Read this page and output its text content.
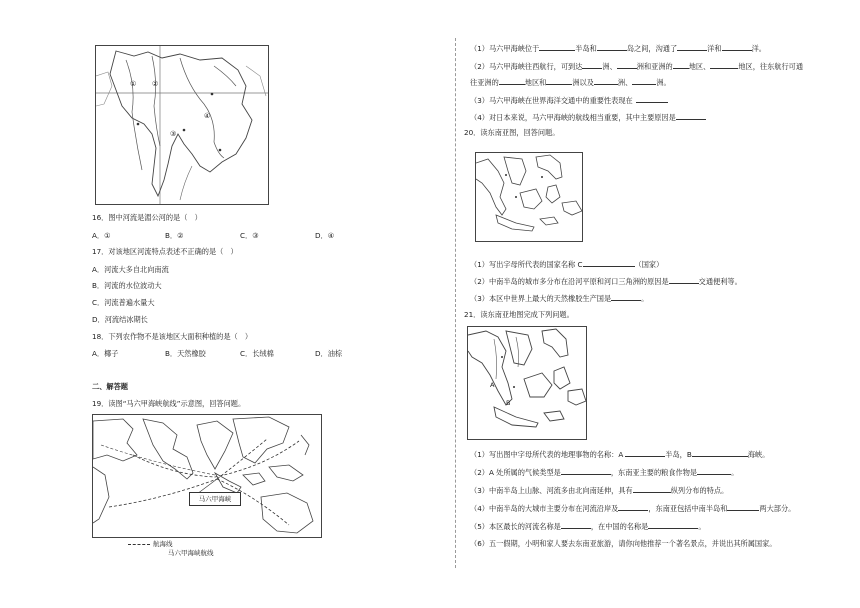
① ②
③
④
16．图中河流是湄公河的是（　）
A．①	B．②	C．③	D．④
17．对该地区河流特点表述不正确的是（　）
A．河流大多自北向南流
B．河流的水位波动大
C．河流普遍水量大
D．河流结冰期长
18．下列农作物不是该地区大面积种植的是（　）
A．椰子	B．天然橡胶	C．长绒棉	D．油棕
二、解答题
19．读图“马六甲海峡航线”示意图，回答问题。
马六甲海峡
航海线
马六甲海峡航线
（1）马六甲海峡位于	半岛和	岛之间，沟通了	洋和	洋。
（2）马六甲海峡往西航行，可到达	洲、	洲和亚洲的 地区、	地区，往东航行可通
往亚洲的	地区和	洲以及	洲、	洲。
（3）马六甲海峡在世界海洋交通中的重要性表现在
（4）对日本来说，马六甲海峡的航线相当重要，其中主要原因是
20．读东南亚图，回答问题。
（1）写出字母所代表的国家名称 C	（国家）
（2）中南半岛的城市多分布在沿河平原和河口三角洲的原因是	交通便利等。
（3）本区中世界上最大的天然橡胶生产国是	。
21．读东南亚地图完成下列问题。
A
B
（1）写出图中字母所代表的地理事物的名称：A	半岛，B	海峡。
（2）A 处所属的气候类型是	，东南亚主要的粮食作物是	。
（3）中南半岛上山脉、河流多由北向南延伸，具有	纵列分布的特点。
（4）中南半岛的大城市主要分布在河流沿岸及	，东南亚包括中南半岛和	两大部分。
（5）本区最长的河流名称是	，在中国的名称是	。
（6）五一假期，小明和家人要去东南亚旅游，请你向他推荐一个著名景点，并说出其所属国家。
